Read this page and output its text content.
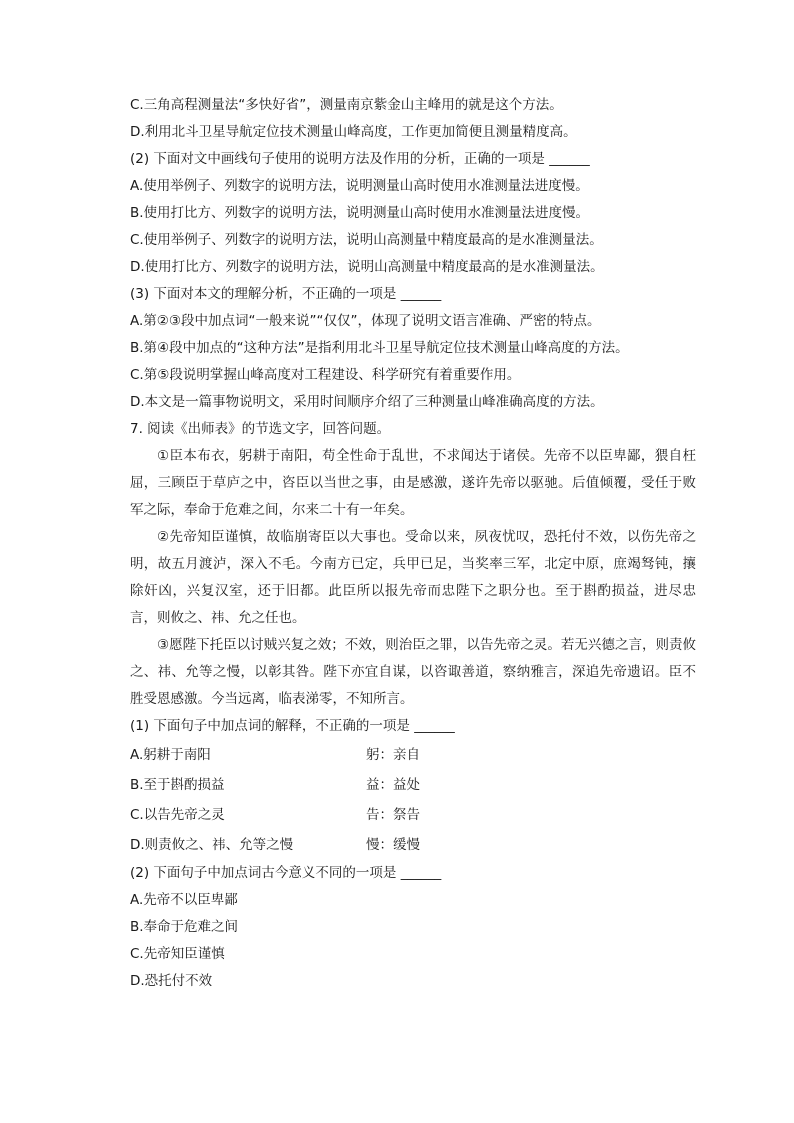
C.三角高程测量法“多快好省”，测量南京紫金山主峰用的就是这个方法。
D.利用北斗卫星导航定位技术测量山峰高度，工作更加简便且测量精度高。
(2) 下面对文中画线句子使用的说明方法及作用的分析，正确的一项是 ______
A.使用举例子、列数字的说明方法，说明测量山高时使用水准测量法进度慢。
B.使用打比方、列数字的说明方法，说明测量山高时使用水准测量法进度慢。
C.使用举例子、列数字的说明方法，说明山高测量中精度最高的是水准测量法。
D.使用打比方、列数字的说明方法，说明山高测量中精度最高的是水准测量法。
(3) 下面对本文的理解分析，不正确的一项是 ______
A.第②③段中加点词“一般来说”“仅仅”，体现了说明文语言准确、严密的特点。
B.第④段中加点的“这种方法”是指利用北斗卫星导航定位技术测量山峰高度的方法。
C.第⑤段说明掌握山峰高度对工程建设、科学研究有着重要作用。
D.本文是一篇事物说明文，采用时间顺序介绍了三种测量山峰准确高度的方法。
7. 阅读《出师表》的节选文字，回答问题。
①臣本布衣，躬耕于南阳，苟全性命于乱世，不求闻达于诸侯。先帝不以臣卑鄙，猥自枉屈，三顾臣于草庐之中，咨臣以当世之事，由是感激，遂许先帝以驱驰。后值倾覆，受任于败军之际，奉命于危难之间，尔来二十有一年矣。
②先帝知臣谨慎，故临崩寄臣以大事也。受命以来，夙夜忧叹，恐托付不效，以伤先帝之明，故五月渡泸，深入不毛。今南方已定，兵甲已足，当奖率三军，北定中原，庶竭驽钝，攘除奸凶，兴复汉室，还于旧都。此臣所以报先帝而忠陛下之职分也。至于斟酌损益，进尽忠言，则攸之、祎、允之任也。
③愿陛下托臣以讨贼兴复之效；不效，则治臣之罪，以告先帝之灵。若无兴德之言，则责攸之、祎、允等之慢，以彰其咎。陛下亦宜自谋，以咨诹善道，察纳雅言，深追先帝遗诏。臣不胜受恩感激。今当远离，临表涕零，不知所言。
(1) 下面句子中加点词的解释，不正确的一项是 ______
A.躬耕于南阳	躬：亲自
B.至于斟酌损益	益：益处
C.以告先帝之灵	告：祭告
D.则责攸之、祎、允等之慢	慢：缓慢
(2) 下面句子中加点词古今意义不同的一项是 ______
A.先帝不以臣卑鄙
B.奉命于危难之间
C.先帝知臣谨慎
D.恐托付不效
